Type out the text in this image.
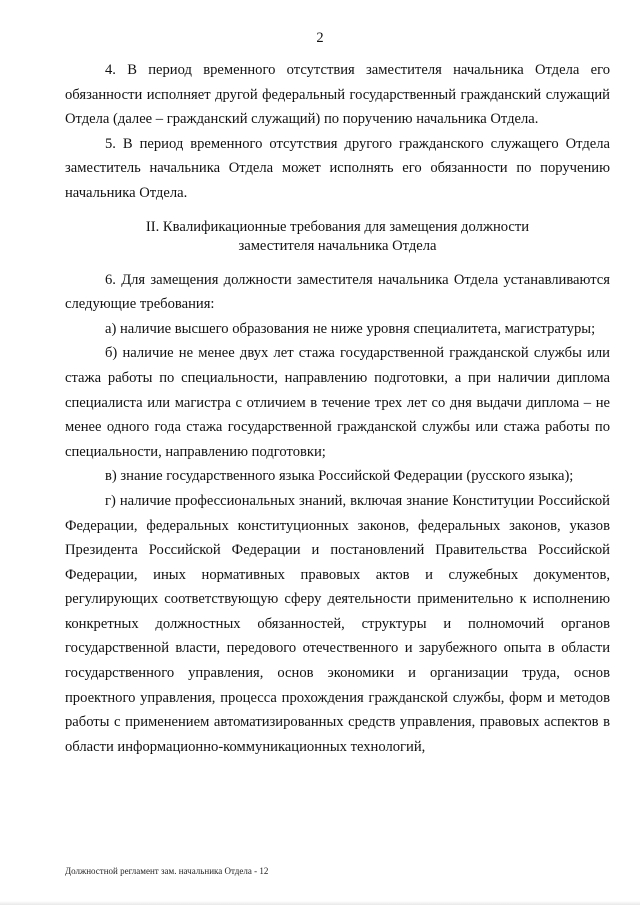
2

4. В период временного отсутствия заместителя начальника Отдела его обязанности исполняет другой федеральный государственный гражданский служащий Отдела (далее – гражданский служащий) по поручению начальника Отдела.

5. В период временного отсутствия другого гражданского служащего Отдела заместитель начальника Отдела может исполнять его обязанности по поручению начальника Отдела.

II. Квалификационные требования для замещения должности
заместителя начальника Отдела

6. Для замещения должности заместителя начальника Отдела устанавливаются следующие требования:

а) наличие высшего образования не ниже уровня специалитета, магистратуры;

б) наличие не менее двух лет стажа государственной гражданской службы или стажа работы по специальности, направлению подготовки, а при наличии диплома специалиста или магистра с отличием в течение трех лет со дня выдачи диплома – не менее одного года стажа государственной гражданской службы или стажа работы по специальности, направлению подготовки;

в) знание государственного языка Российской Федерации (русского языка);

г) наличие профессиональных знаний, включая знание Конституции Российской Федерации, федеральных конституционных законов, федеральных законов, указов Президента Российской Федерации и постановлений Правительства Российской Федерации, иных нормативных правовых актов и служебных документов, регулирующих соответствующую сферу деятельности применительно к исполнению конкретных должностных обязанностей, структуры и полномочий органов государственной власти, передового отечественного и зарубежного опыта в области государственного управления, основ экономики и организации труда, основ проектного управления, процесса прохождения гражданской службы, форм и методов работы с применением автоматизированных средств управления, правовых аспектов в области информационно-коммуникационных технологий,

Должностной регламент зам. начальника Отдела - 12
